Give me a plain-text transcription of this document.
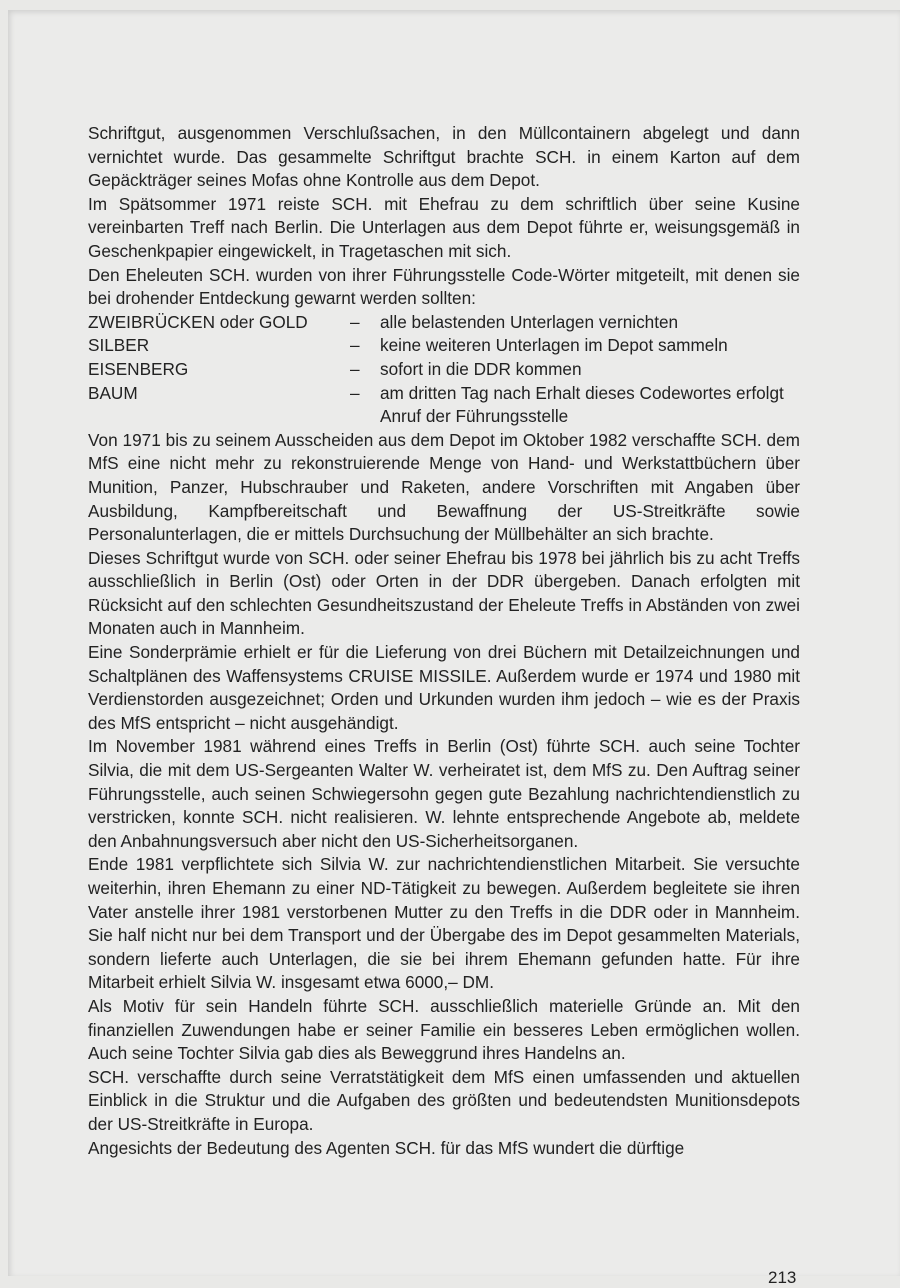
Schriftgut, ausgenommen Verschlußsachen, in den Müllcontainern abgelegt und dann vernichtet wurde. Das gesammelte Schriftgut brachte SCH. in einem Karton auf dem Gepäckträger seines Mofas ohne Kontrolle aus dem Depot.

Im Spätsommer 1971 reiste SCH. mit Ehefrau zu dem schriftlich über seine Kusine vereinbarten Treff nach Berlin. Die Unterlagen aus dem Depot führte er, weisungsgemäß in Geschenkpapier eingewickelt, in Tragetaschen mit sich.

Den Eheleuten SCH. wurden von ihrer Führungsstelle Code-Wörter mitgeteilt, mit denen sie bei drohender Entdeckung gewarnt werden sollten:

ZWEIBRÜCKEN oder GOLD	–	alle belastenden Unterlagen vernichten
SILBER	–	keine weiteren Unterlagen im Depot sammeln
EISENBERG	–	sofort in die DDR kommen
BAUM	–	am dritten Tag nach Erhalt dieses Codewortes erfolgt Anruf der Führungsstelle

Von 1971 bis zu seinem Ausscheiden aus dem Depot im Oktober 1982 verschaffte SCH. dem MfS eine nicht mehr zu rekonstruierende Menge von Hand- und Werkstattbüchern über Munition, Panzer, Hubschrauber und Raketen, andere Vorschriften mit Angaben über Ausbildung, Kampfbereitschaft und Bewaffnung der US-Streitkräfte sowie Personalunterlagen, die er mittels Durchsuchung der Müllbehälter an sich brachte.

Dieses Schriftgut wurde von SCH. oder seiner Ehefrau bis 1978 bei jährlich bis zu acht Treffs ausschließlich in Berlin (Ost) oder Orten in der DDR übergeben. Danach erfolgten mit Rücksicht auf den schlechten Gesundheitszustand der Eheleute Treffs in Abständen von zwei Monaten auch in Mannheim.

Eine Sonderprämie erhielt er für die Lieferung von drei Büchern mit Detailzeichnungen und Schaltplänen des Waffensystems CRUISE MISSILE. Außerdem wurde er 1974 und 1980 mit Verdienstorden ausgezeichnet; Orden und Urkunden wurden ihm jedoch – wie es der Praxis des MfS entspricht – nicht ausgehändigt.

Im November 1981 während eines Treffs in Berlin (Ost) führte SCH. auch seine Tochter Silvia, die mit dem US-Sergeanten Walter W. verheiratet ist, dem MfS zu. Den Auftrag seiner Führungsstelle, auch seinen Schwiegersohn gegen gute Bezahlung nachrichtendienstlich zu verstricken, konnte SCH. nicht realisieren. W. lehnte entsprechende Angebote ab, meldete den Anbahnungsversuch aber nicht den US-Sicherheitsorganen.

Ende 1981 verpflichtete sich Silvia W. zur nachrichtendienstlichen Mitarbeit. Sie versuchte weiterhin, ihren Ehemann zu einer ND-Tätigkeit zu bewegen. Außerdem begleitete sie ihren Vater anstelle ihrer 1981 verstorbenen Mutter zu den Treffs in die DDR oder in Mannheim. Sie half nicht nur bei dem Transport und der Übergabe des im Depot gesammelten Materials, sondern lieferte auch Unterlagen, die sie bei ihrem Ehemann gefunden hatte. Für ihre Mitarbeit erhielt Silvia W. insgesamt etwa 6000,– DM.

Als Motiv für sein Handeln führte SCH. ausschließlich materielle Gründe an. Mit den finanziellen Zuwendungen habe er seiner Familie ein besseres Leben ermöglichen wollen. Auch seine Tochter Silvia gab dies als Beweggrund ihres Handelns an.

SCH. verschaffte durch seine Verratstätigkeit dem MfS einen umfassenden und aktuellen Einblick in die Struktur und die Aufgaben des größten und bedeutendsten Munitionsdepots der US-Streitkräfte in Europa.

Angesichts der Bedeutung des Agenten SCH. für das MfS wundert die dürftige

213
